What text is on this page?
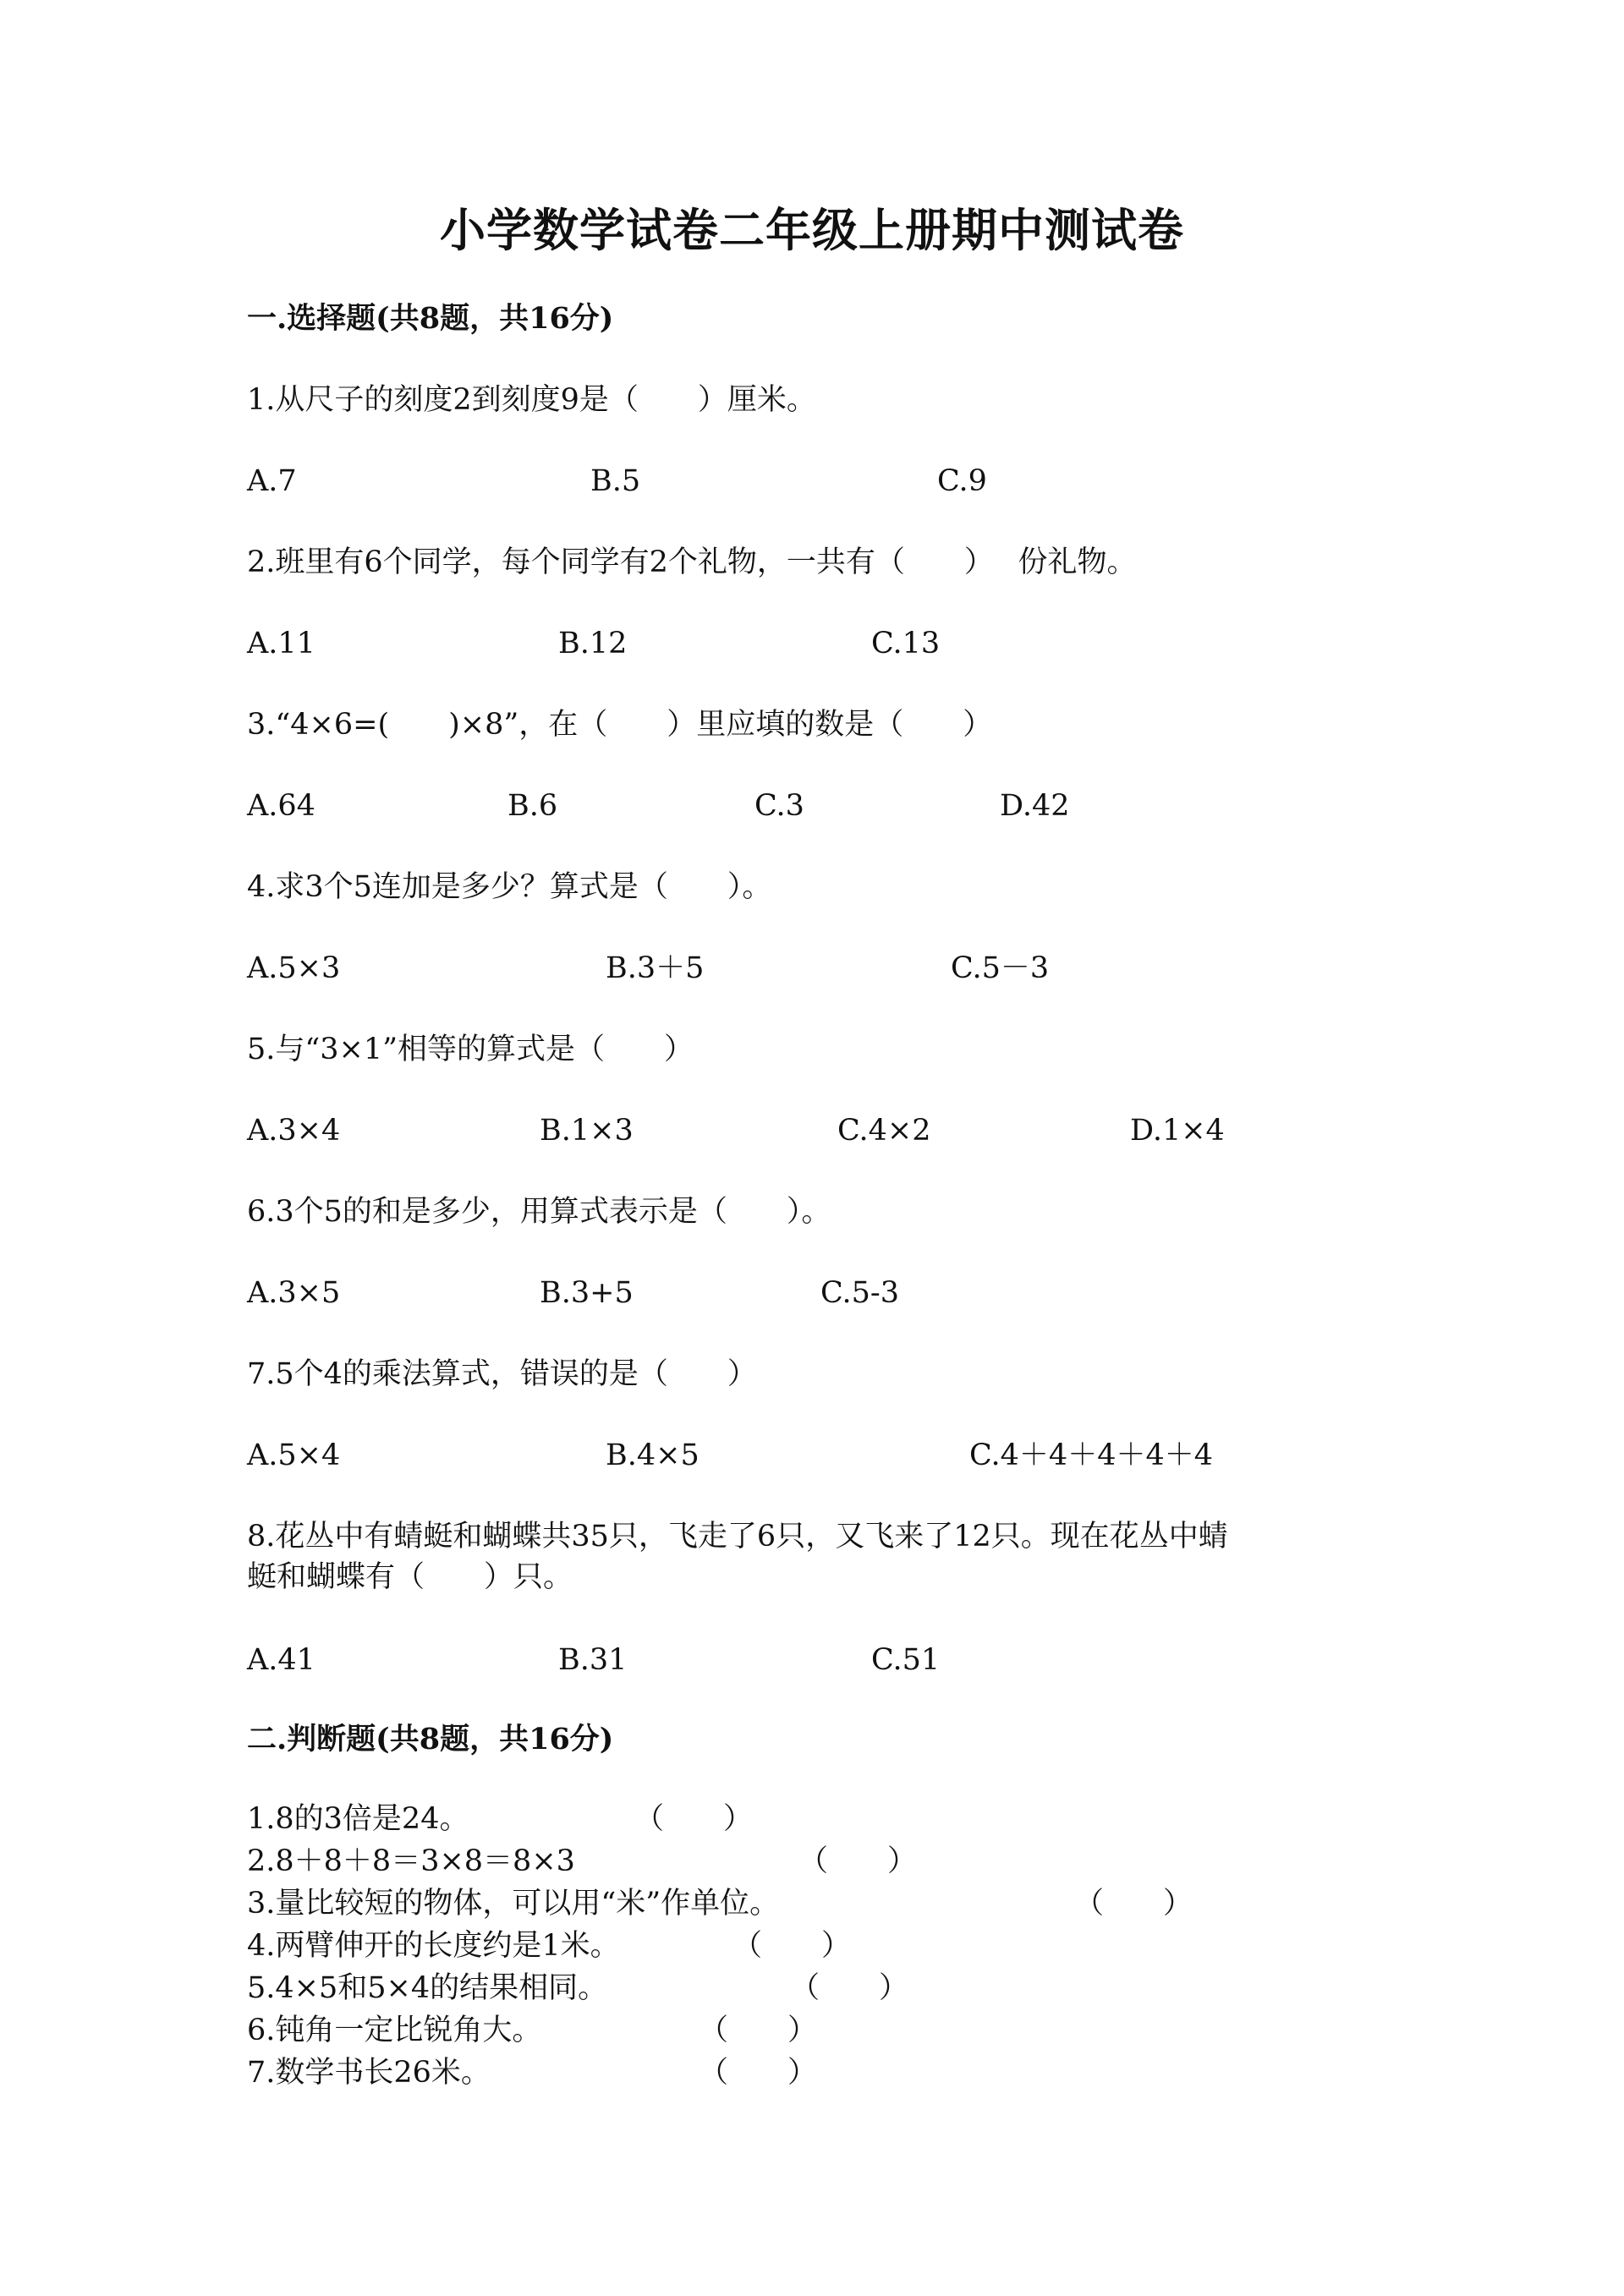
小学数学试卷二年级上册期中测试卷
一.选择题(共8题，共16分)
1.从尺子的刻度2到刻度9是（　　）厘米。
A.7	B.5	C.9
2.班里有6个同学，每个同学有2个礼物，一共有（　　）　 份礼物。
A.11	B.12	C.13
3.“4×6=(　　)×8”，在（　　）里应填的数是（　　）
A.64	B.6	C.3	D.42
4.求3个5连加是多少？算式是（　　）。
A.5×3	B.3＋5	C.5－3
5.与“3×1”相等的算式是（　　）
A.3×4	B.1×3	C.4×2	D.1×4
6.3个5的和是多少，用算式表示是（　　）。
A.3×5	B.3+5	C.5-3
7.5个4的乘法算式，错误的是（　　）
A.5×4	B.4×5	C.4＋4＋4＋4＋4
8.花丛中有蜻蜓和蝴蝶共35只，飞走了6只，又飞来了12只。现在花丛中蜻
蜓和蝴蝶有（　　）只。
A.41	B.31	C.51
二.判断题(共8题，共16分)
1.8的3倍是24。	（　　）
2.8＋8＋8＝3×8＝8×3	（　　）
3.量比较短的物体，可以用“米”作单位。	（　　）
4.两臂伸开的长度约是1米。	（　　）
5.4×5和5×4的结果相同。	（　　）
6.钝角一定比锐角大。	（　　）
7.数学书长26米。	（　　）
